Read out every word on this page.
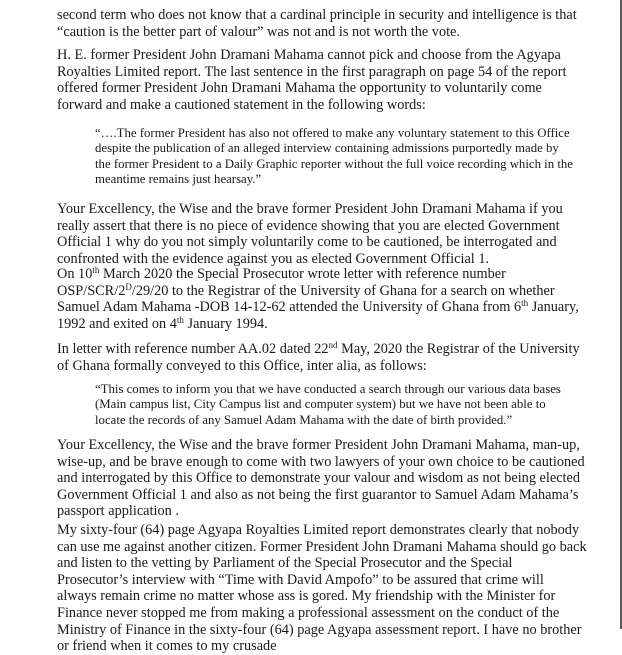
second term who does not know that a cardinal principle in security and intelligence is that “caution is the better part of valour” was not and is not worth the vote.

H. E. former President John Dramani Mahama cannot pick and choose from the Agyapa Royalties Limited report. The last sentence in the first paragraph on page 54 of the report offered former President John Dramani Mahama the opportunity to voluntarily come forward and make a cautioned statement in the following words:

“….The former President has also not offered to make any voluntary statement to this Office despite the publication of an alleged interview containing admissions purportedly made by the former President to a Daily Graphic reporter without the full voice recording which in the meantime remains just hearsay.”

Your Excellency, the Wise and the brave former President John Dramani Mahama if you really assert that there is no piece of evidence showing that you are elected Government Official 1 why do you not simply voluntarily come to be cautioned, be interrogated and confronted with the evidence against you as elected Government Official 1.

On 10th March 2020 the Special Prosecutor wrote letter with reference number OSP/$SCR/2^D/29/20$ to the Registrar of the University of Ghana for a search on whether Samuel Adam Mahama -DOB 14-12-62 attended the University of Ghana from 6th January, 1992 and exited on 4th January 1994.

In letter with reference number AA.02 dated 22nd May, 2020 the Registrar of the University of Ghana formally conveyed to this Office, inter alia, as follows:

“This comes to inform you that we have conducted a search through our various data bases (Main campus list, City Campus list and computer system) but we have not been able to locate the records of any Samuel Adam Mahama with the date of birth provided.”

Your Excellency, the Wise and the brave former President John Dramani Mahama, man-up, wise-up, and be brave enough to come with two lawyers of your own choice to be cautioned and interrogated by this Office to demonstrate your valour and wisdom as not being elected Government Official 1 and also as not being the first guarantor to Samuel Adam Mahama’s passport application .

My sixty-four (64) page Agyapa Royalties Limited report demonstrates clearly that nobody can use me against another citizen. Former President John Dramani Mahama should go back and listen to the vetting by Parliament of the Special Prosecutor and the Special Prosecutor’s interview with “Time with David Ampofo” to be assured that crime will always remain crime no matter whose ass is gored. My friendship with the Minister for Finance never stopped me from making a professional assessment on the conduct of the Ministry of Finance in the sixty-four (64) page Agyapa assessment report. I have no brother or friend when it comes to my crusade
